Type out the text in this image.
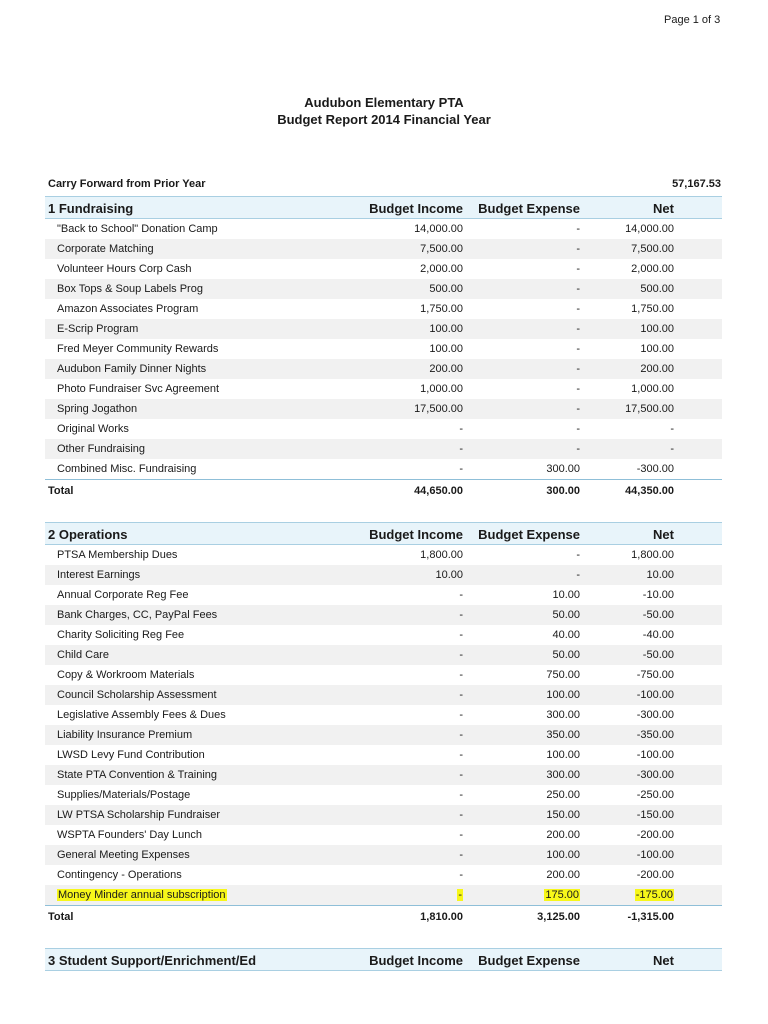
Page 1 of 3
Audubon Elementary PTA
Budget Report 2014 Financial Year
Carry Forward from Prior Year	57,167.53
1 Fundraising	Budget Income Budget Expense	Net
"Back to School" Donation Camp	14,000.00	-	14,000.00
Corporate Matching	7,500.00	-	7,500.00
Volunteer Hours Corp Cash	2,000.00	-	2,000.00
Box Tops & Soup Labels Prog	500.00	-	500.00
Amazon Associates Program	1,750.00	-	1,750.00
E-Scrip Program	100.00	-	100.00
Fred Meyer Community Rewards	100.00	-	100.00
Audubon Family Dinner Nights	200.00	-	200.00
Photo Fundraiser Svc Agreement	1,000.00	-	1,000.00
Spring Jogathon	17,500.00	-	17,500.00
Original Works	-	-	-
Other Fundraising	-	-	-
Combined Misc. Fundraising	-	300.00	-300.00
Total	44,650.00	300.00	44,350.00
2 Operations	Budget Income Budget Expense	Net
PTSA Membership Dues	1,800.00	-	1,800.00
Interest Earnings	10.00	-	10.00
Annual Corporate Reg Fee	-	10.00	-10.00
Bank Charges, CC, PayPal Fees	-	50.00	-50.00
Charity Soliciting Reg Fee	-	40.00	-40.00
Child Care	-	50.00	-50.00
Copy & Workroom Materials	-	750.00	-750.00
Council Scholarship Assessment	-	100.00	-100.00
Legislative Assembly Fees & Dues	-	300.00	-300.00
Liability Insurance Premium	-	350.00	-350.00
LWSD Levy Fund Contribution	-	100.00	-100.00
State PTA Convention & Training	-	300.00	-300.00
Supplies/Materials/Postage	-	250.00	-250.00
LW PTSA Scholarship Fundraiser	-	150.00	-150.00
WSPTA Founders' Day Lunch	-	200.00	-200.00
General Meeting Expenses	-	100.00	-100.00
Contingency - Operations	-	200.00	-200.00
Money Minder annual subscription	-	175.00	-175.00
Total	1,810.00	3,125.00	-1,315.00
3 Student Support/Enrichment/Ed	Budget Income Budget Expense	Net
